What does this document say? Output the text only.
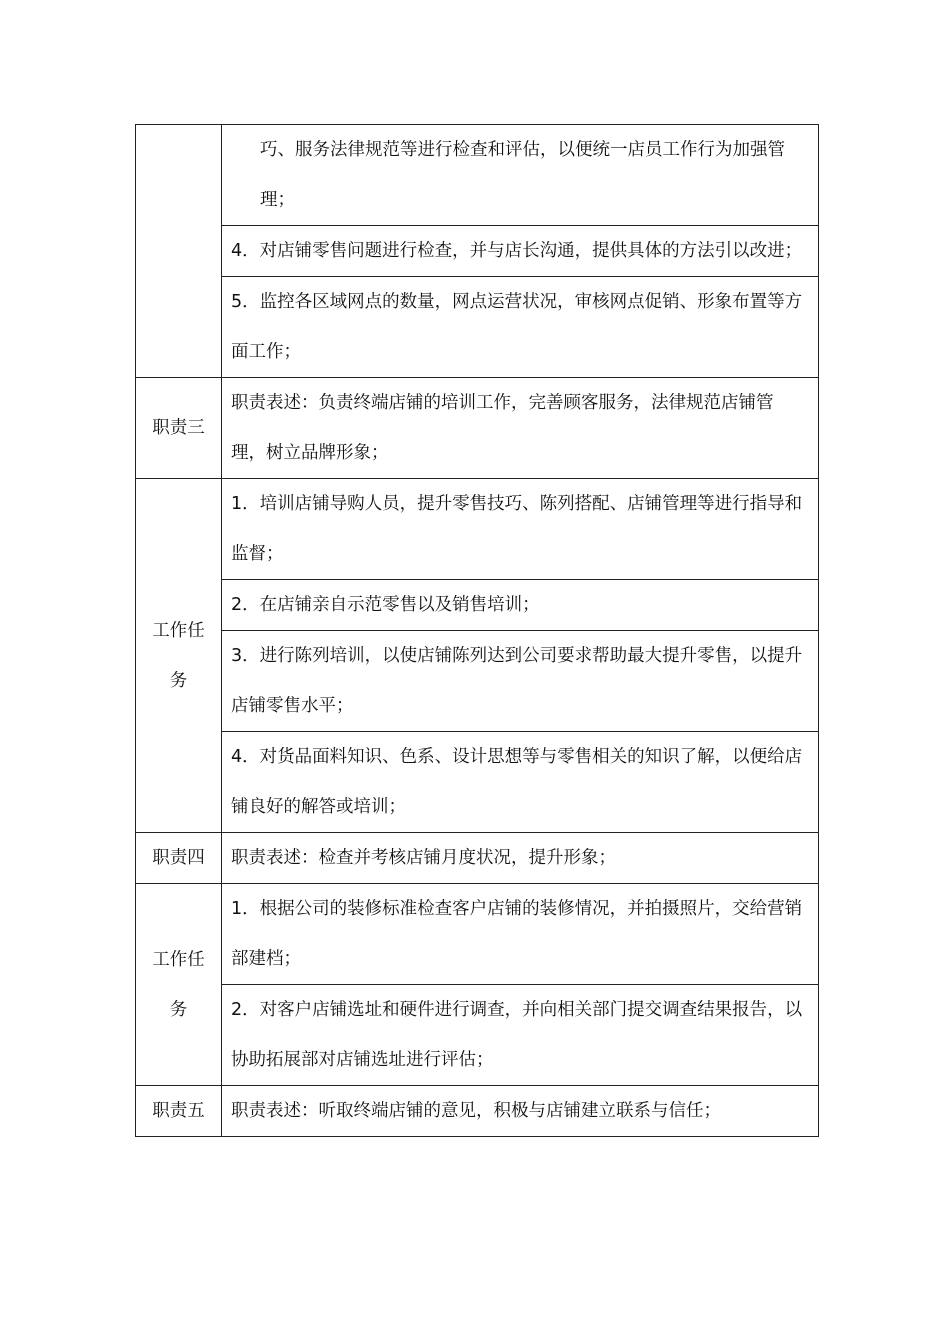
	巧、服务法律规范等进行检查和评估，以便统一店员工作行为加强管理；

	4．对店铺零售问题进行检查，并与店长沟通，提供具体的方法引以改进；

	5．监控各区域网点的数量，网点运营状况，审核网点促销、形象布置等方面工作；

职责三	职责表述：负责终端店铺的培训工作，完善顾客服务，法律规范店铺管理，树立品牌形象；

工作任务	1．培训店铺导购人员，提升零售技巧、陈列搭配、店铺管理等进行指导和监督；

	2．在店铺亲自示范零售以及销售培训；

	3．进行陈列培训，以使店铺陈列达到公司要求帮助最大提升零售，以提升店铺零售水平；

	4．对货品面料知识、色系、设计思想等与零售相关的知识了解，以便给店铺良好的解答或培训；

职责四	职责表述：检查并考核店铺月度状况，提升形象；

工作任务	1．根据公司的装修标准检查客户店铺的装修情况，并拍摄照片，交给营销部建档；

	2．对客户店铺选址和硬件进行调查，并向相关部门提交调查结果报告，以协助拓展部对店铺选址进行评估；

职责五	职责表述：听取终端店铺的意见，积极与店铺建立联系与信任；
